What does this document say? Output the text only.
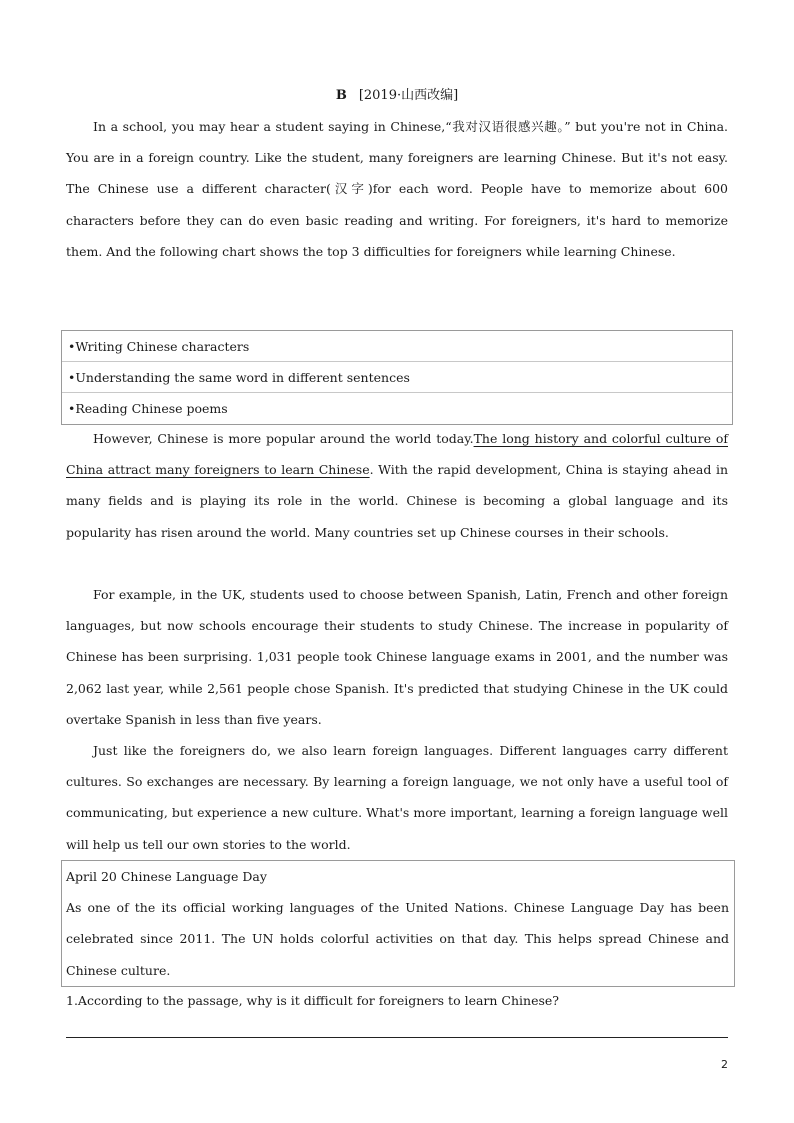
B [2019·山西改编]

In a school, you may hear a student saying in Chinese,“我对汉语很感兴趣。” but you're not in China. You are in a foreign country. Like the student, many foreigners are learning Chinese. But it's not easy. The Chinese use a different character(汉字)for each word. People have to memorize about 600 characters before they can do even basic reading and writing. For foreigners, it's hard to memorize them. And the following chart shows the top 3 difficulties for foreigners while learning Chinese.

•Writing Chinese characters
•Understanding the same word in different sentences
•Reading Chinese poems

However, Chinese is more popular around the world today.The long history and colorful culture of China attract many foreigners to learn Chinese. With the rapid development, China is staying ahead in many fields and is playing its role in the world. Chinese is becoming a global language and its popularity has risen around the world. Many countries set up Chinese courses in their schools.

For example, in the UK, students used to choose between Spanish, Latin, French and other foreign languages, but now schools encourage their students to study Chinese. The increase in popularity of Chinese has been surprising. 1,031 people took Chinese language exams in 2001, and the number was 2,062 last year, while 2,561 people chose Spanish. It's predicted that studying Chinese in the UK could overtake Spanish in less than five years.

Just like the foreigners do, we also learn foreign languages. Different languages carry different cultures. So exchanges are necessary. By learning a foreign language, we not only have a useful tool of communicating, but experience a new culture. What's more important, learning a foreign language well will help us tell our own stories to the world.

April 20 Chinese Language Day
As one of the its official working languages of the United Nations. Chinese Language Day has been celebrated since 2011. The UN holds colorful activities on that day. This helps spread Chinese and Chinese culture.
1.According to the passage, why is it difficult for foreigners to learn Chinese?
2
